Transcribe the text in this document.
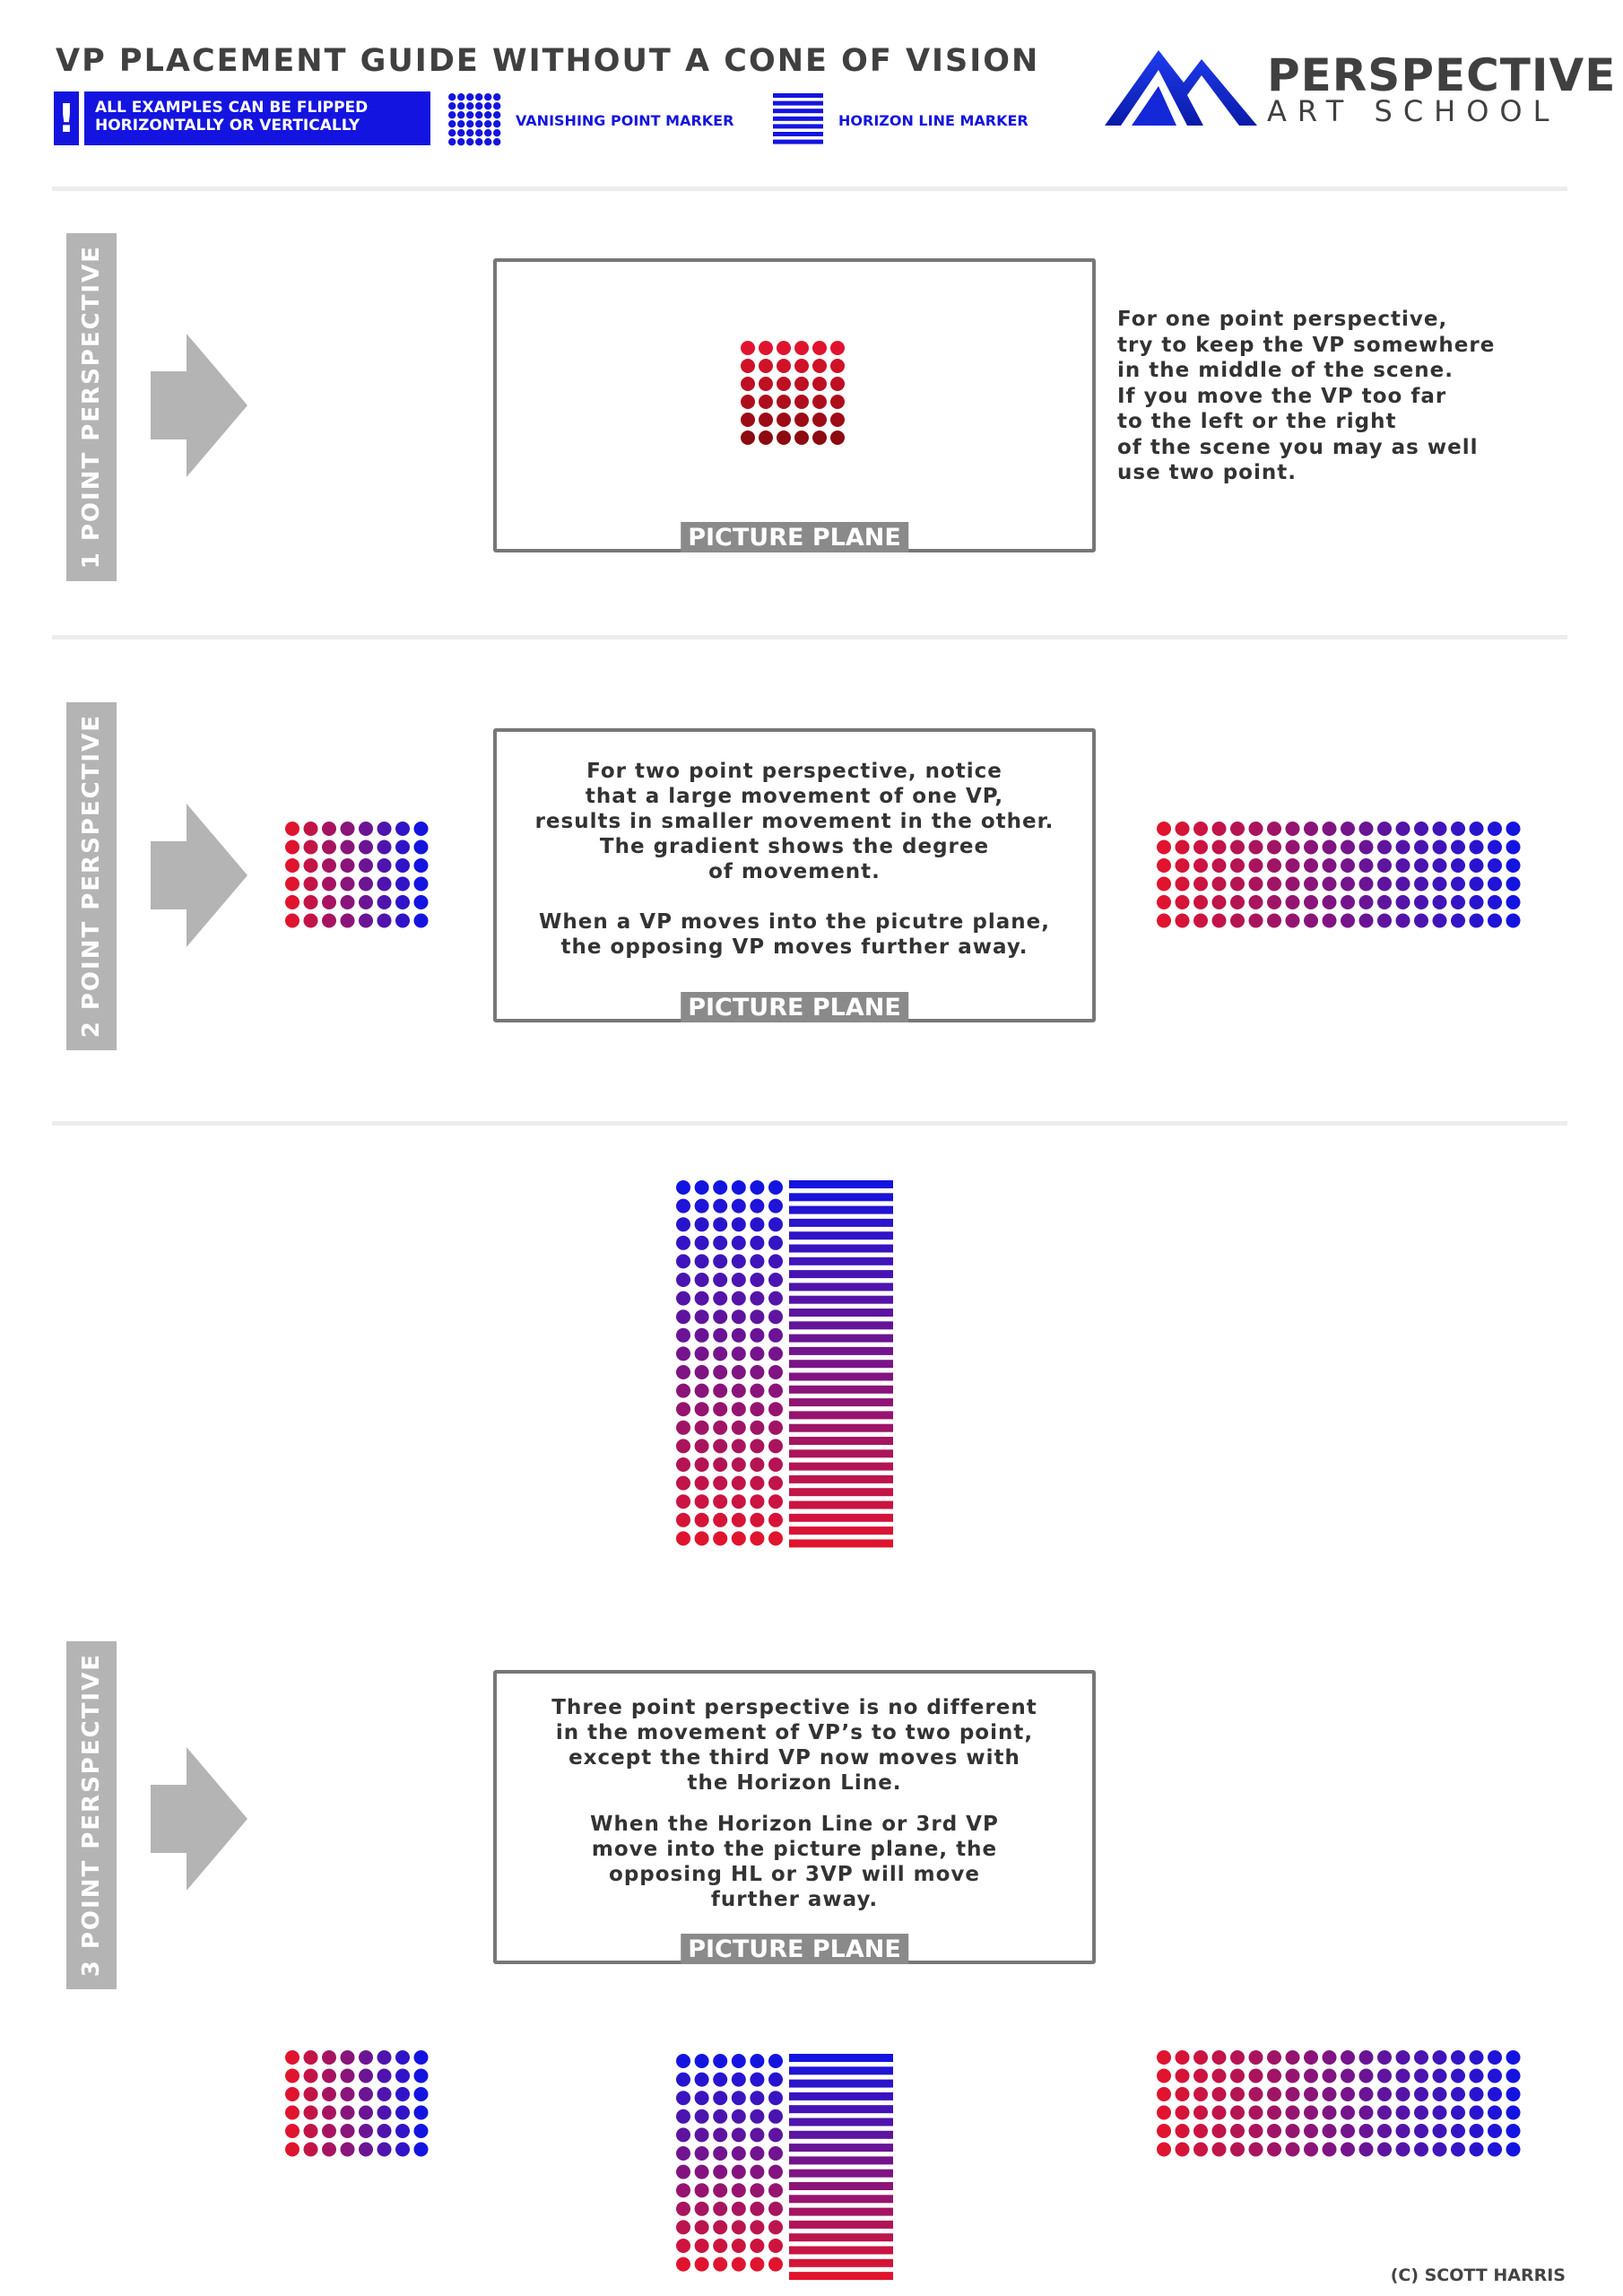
VP PLACEMENT GUIDE WITHOUT A CONE OF VISION
! ALL EXAMPLES CAN BE FLIPPED
HORIZONTALLY OR VERTICALLY	VANISHING POINT MARKER	HORIZON LINE MARKER
PERSPECTIVE
ART SCHOOL
1 POINT PERSPECTIVE	PICTURE PLANE
For one point perspective,
try to keep the VP somewhere
in the middle of the scene.
If you move the VP too far
to the left or the right
of the scene you may as well
use two point.
2 POINT PERSPECTIVE	For two point perspective, notice
that a large movement of one VP,
results in smaller movement in the other.
The gradient shows the degree
of movement.
When a VP moves into the picutre plane,
the opposing VP moves further away.
PICTURE PLANE
3 POINT PERSPECTIVE	Three point perspective is no different
in the movement of VP’s to two point,
except the third VP now moves with
the Horizon Line.
When the Horizon Line or 3rd VP
move into the picture plane, the
opposing HL or 3VP will move
further away.
PICTURE PLANE
(C) SCOTT HARRIS
